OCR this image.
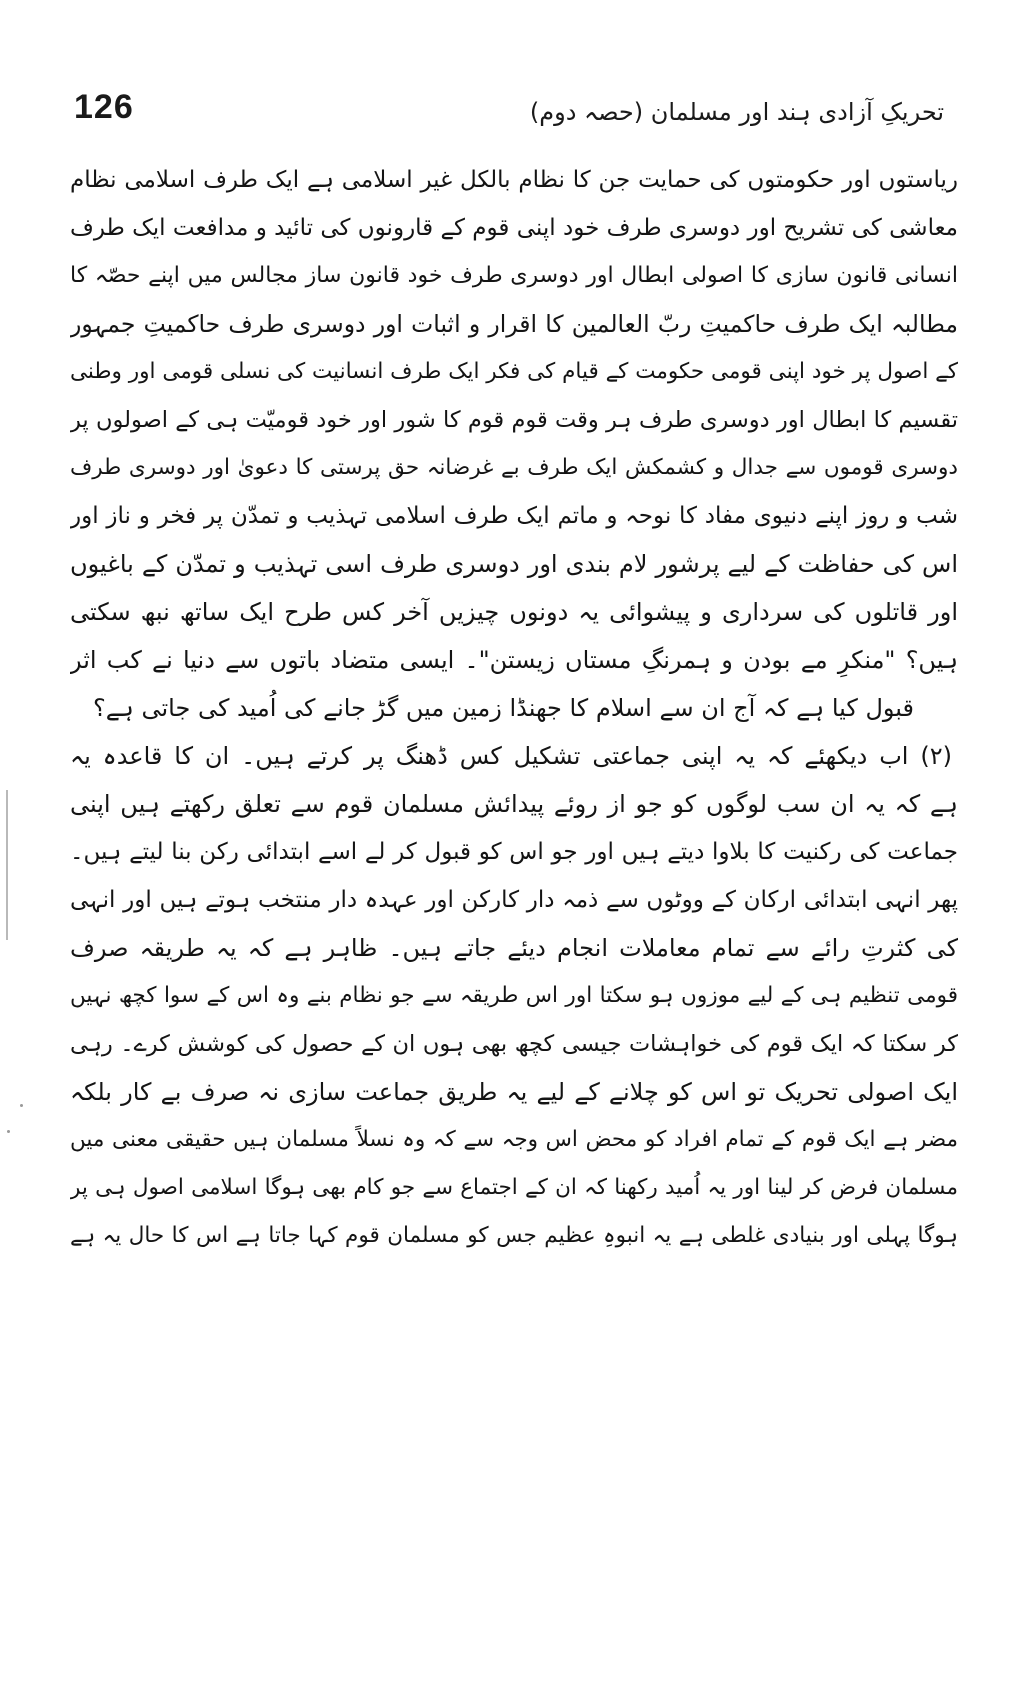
126	تحریکِ آزادی ہند اور مسلمان (حصہ دوم)
ریاستوں اور حکومتوں کی حمایت جن کا نظام بالکل غیر اسلامی ہے ایک طرف اسلامی نظام
معاشی کی تشریح اور دوسری طرف خود اپنی قوم کے قارونوں کی تائید و مدافعت ایک طرف
انسانی قانون سازی کا اصولی ابطال اور دوسری طرف خود قانون ساز مجالس میں اپنے حصّہ کا
مطالبہ ایک طرف حاکمیتِ ربّ العالمین کا اقرار و اثبات اور دوسری طرف حاکمیتِ جمہور
کے اصول پر خود اپنی قومی حکومت کے قیام کی فکر ایک طرف انسانیت کی نسلی قومی اور وطنی
تقسیم کا ابطال اور دوسری طرف ہر وقت قوم قوم کا شور اور خود قومیّت ہی کے اصولوں پر
دوسری قوموں سے جدال و کشمکش ایک طرف بے غرضانہ حق پرستی کا دعویٰ اور دوسری طرف
شب و روز اپنے دنیوی مفاد کا نوحہ و ماتم ایک طرف اسلامی تہذیب و تمدّن پر فخر و ناز اور
اس کی حفاظت کے لیے پرشور لام بندی اور دوسری طرف اسی تہذیب و تمدّن کے باغیوں
اور قاتلوں کی سرداری و پیشوائی یہ دونوں چیزیں آخر کس طرح ایک ساتھ نبھ سکتی
ہیں؟ "منکرِ مے بودن و ہمرنگِ مستاں زیستن"۔ ایسی متضاد باتوں سے دنیا نے کب اثر
قبول کیا ہے کہ آج ان سے اسلام کا جھنڈا زمین میں گڑ جانے کی اُمید کی جاتی ہے؟
(۲) اب دیکھئے کہ یہ اپنی جماعتی تشکیل کس ڈھنگ پر کرتے ہیں۔ ان کا قاعدہ یہ
ہے کہ یہ ان سب لوگوں کو جو از روئے پیدائش مسلمان قوم سے تعلق رکھتے ہیں اپنی
جماعت کی رکنیت کا بلاوا دیتے ہیں اور جو اس کو قبول کر لے اسے ابتدائی رکن بنا لیتے ہیں۔
پھر انہی ابتدائی ارکان کے ووٹوں سے ذمہ دار کارکن اور عہدہ دار منتخب ہوتے ہیں اور انہی
کی کثرتِ رائے سے تمام معاملات انجام دیئے جاتے ہیں۔ ظاہر ہے کہ یہ طریقہ صرف
قومی تنظیم ہی کے لیے موزوں ہو سکتا اور اس طریقہ سے جو نظام بنے وہ اس کے سوا کچھ نہیں
کر سکتا کہ ایک قوم کی خواہشات جیسی کچھ بھی ہوں ان کے حصول کی کوشش کرے۔ رہی
ایک اصولی تحریک تو اس کو چلانے کے لیے یہ طریق جماعت سازی نہ صرف بے کار بلکہ
مضر ہے ایک قوم کے تمام افراد کو محض اس وجہ سے کہ وہ نسلاً مسلمان ہیں حقیقی معنی میں
مسلمان فرض کر لینا اور یہ اُمید رکھنا کہ ان کے اجتماع سے جو کام بھی ہوگا اسلامی اصول ہی پر
ہوگا پہلی اور بنیادی غلطی ہے یہ انبوہِ عظیم جس کو مسلمان قوم کہا جاتا ہے اس کا حال یہ ہے
